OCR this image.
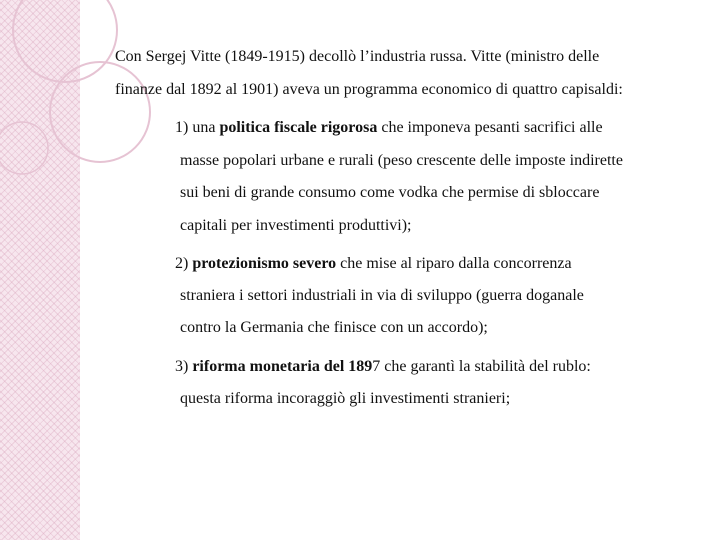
Con Sergej Vitte (1849-1915) decollò l’industria russa. Vitte (ministro delle
finanze dal 1892 al 1901) aveva un programma economico di quattro capisaldi:
1) una politica fiscale rigorosa che imponeva pesanti sacrifici alle
masse popolari urbane e rurali (peso crescente delle imposte indirette
sui beni di grande consumo come vodka che permise di sbloccare
capitali per investimenti produttivi);
2) protezionismo severo che mise al riparo dalla concorrenza
straniera i settori industriali in via di sviluppo (guerra doganale
contro la Germania che finisce con un accordo);
3) riforma monetaria del 1897 che garantì la stabilità del rublo:
questa riforma incoraggiò gli investimenti stranieri;
